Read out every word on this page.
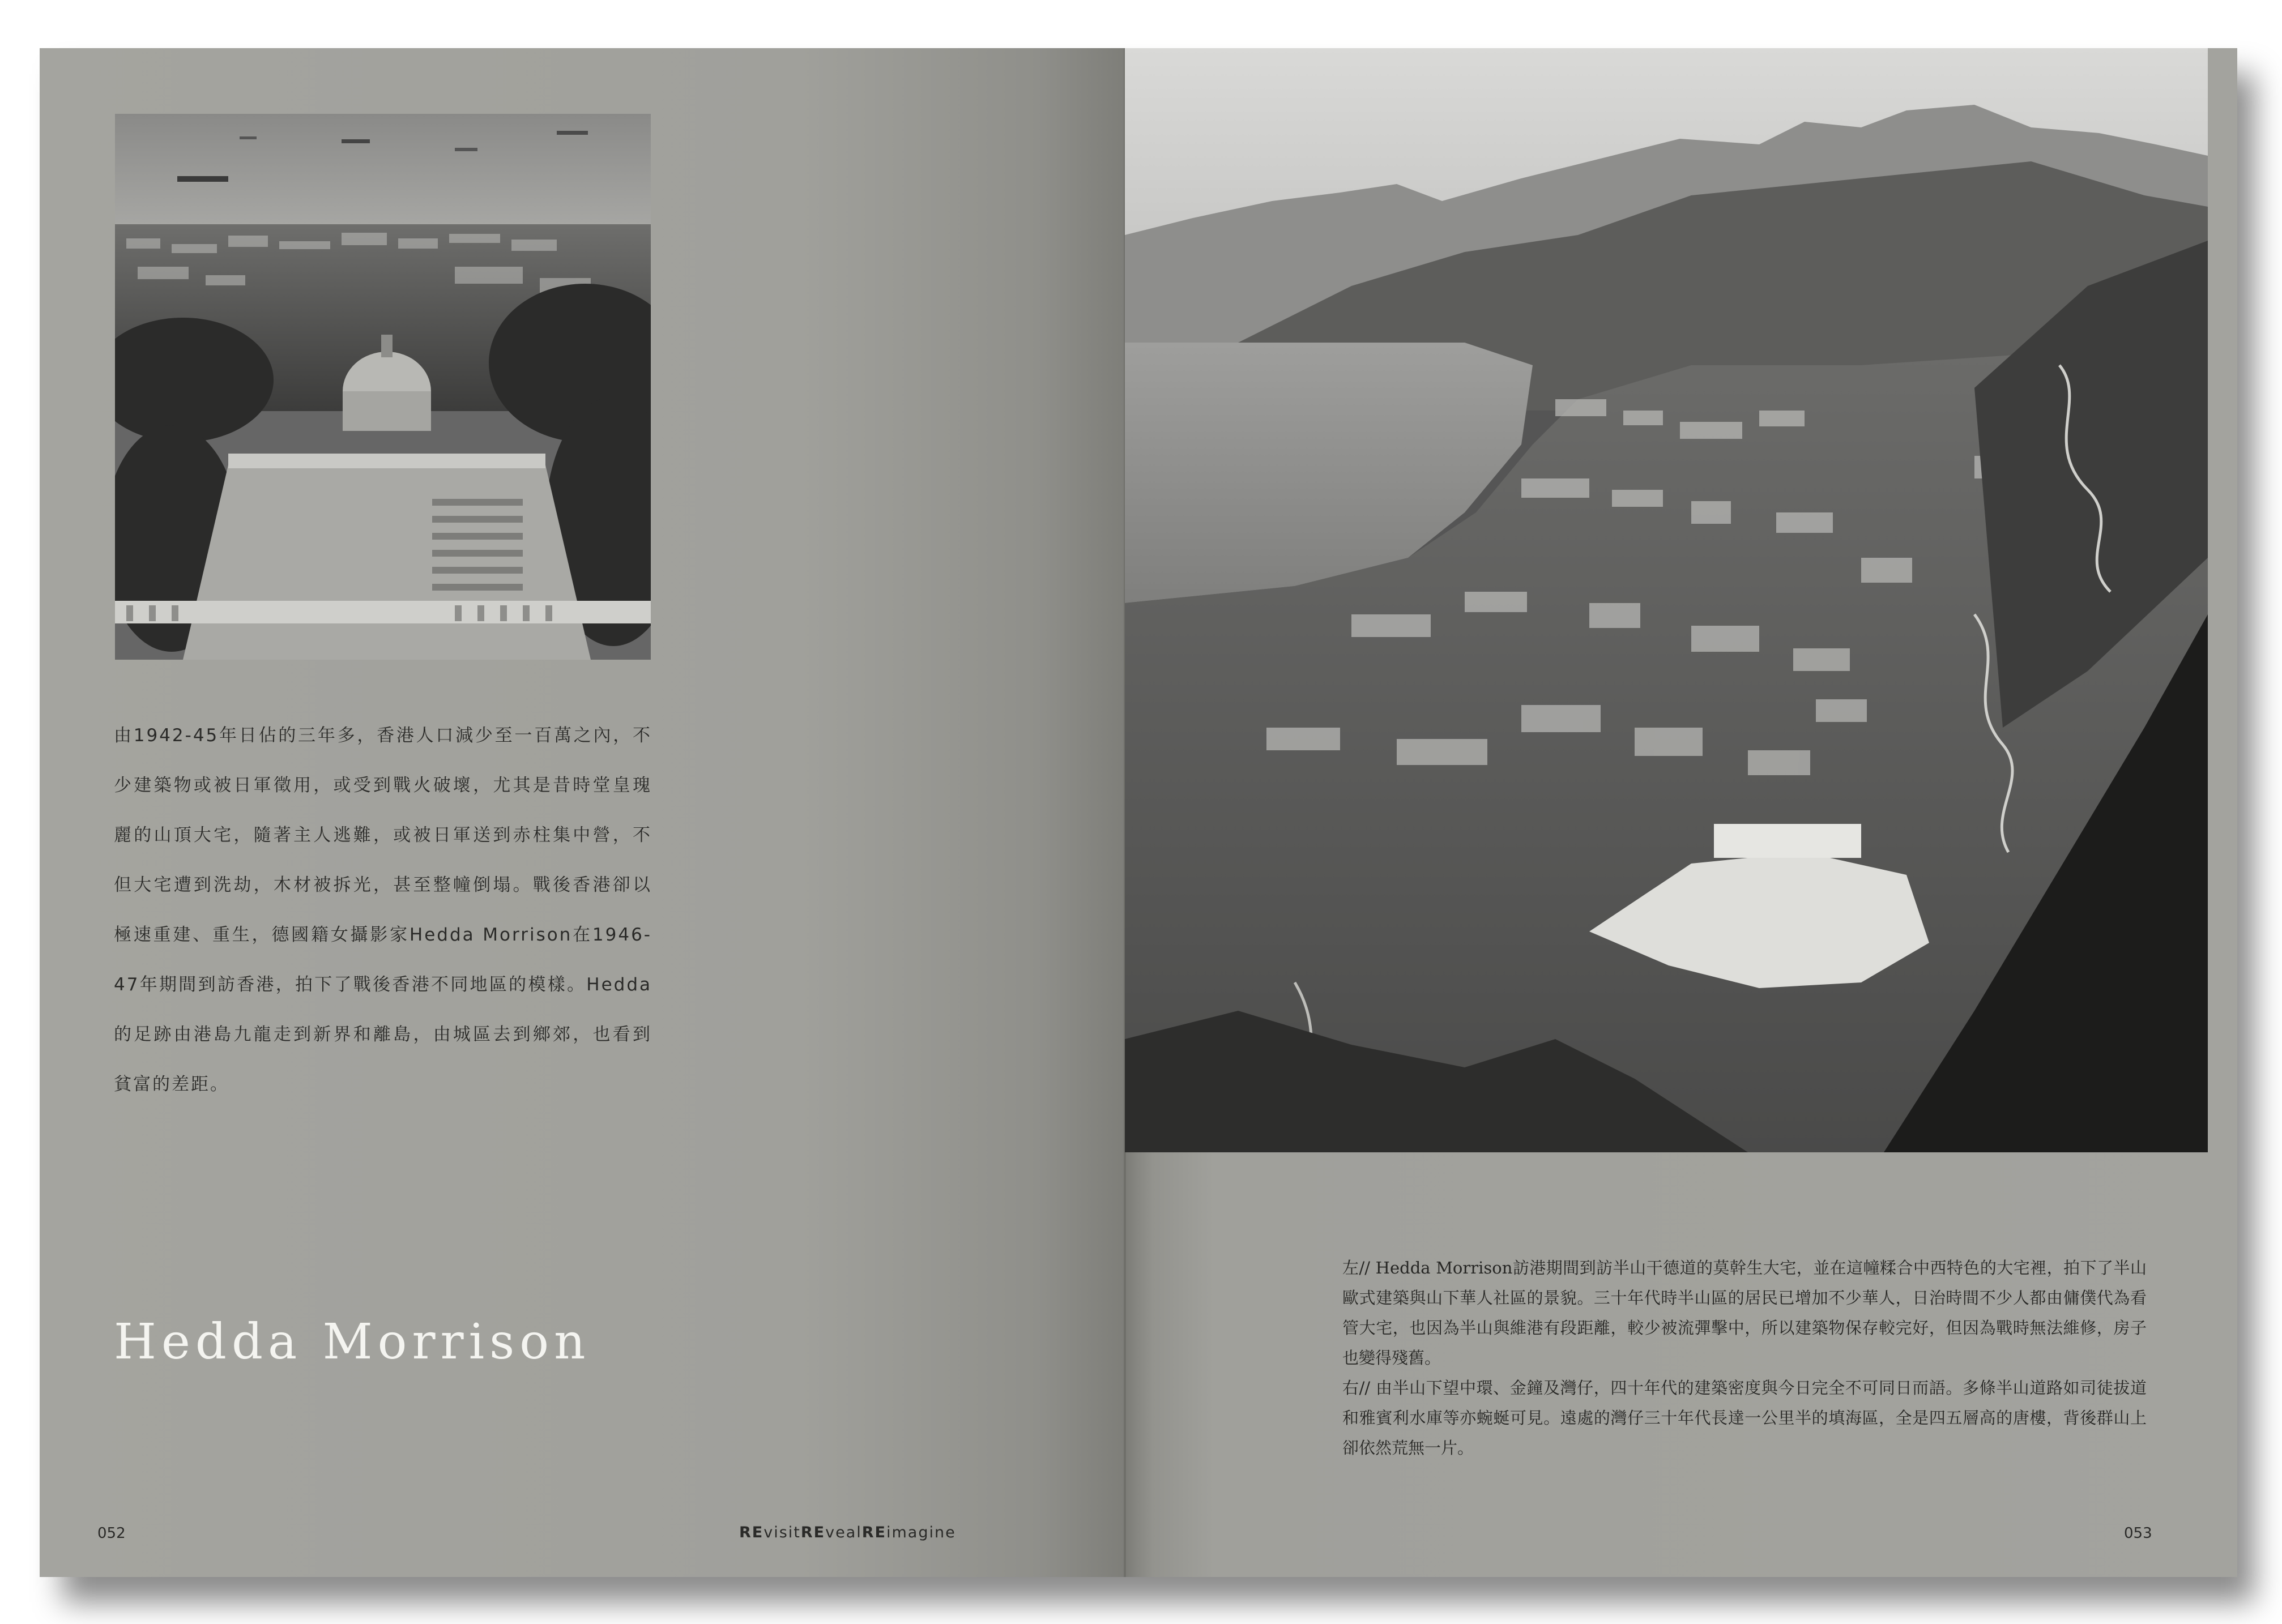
由1942-45年日佔的三年多，香港人口減少至一百萬之內，不少建築物或被日軍徵用，或受到戰火破壞，尤其是昔時堂皇瑰麗的山頂大宅，隨著主人逃難，或被日軍送到赤柱集中營，不但大宅遭到洗劫，木材被拆光，甚至整幢倒塌。戰後香港卻以極速重建、重生，德國籍女攝影家Hedda Morrison在1946-47年期間到訪香港，拍下了戰後香港不同地區的模樣。Hedda的足跡由港島九龍走到新界和離島，由城區去到鄉郊，也看到貧富的差距。

Hedda Morrison
052	REvisitREvealREimagine

左// Hedda Morrison訪港期間到訪半山干德道的莫幹生大宅，並在這幢糅合中西特色的大宅裡，拍下了半山歐式建築與山下華人社區的景貌。三十年代時半山區的居民已增加不少華人，日治時間不少人都由傭僕代為看管大宅，也因為半山與維港有段距離，較少被流彈擊中，所以建築物保存較完好，但因為戰時無法維修，房子也變得殘舊。

右// 由半山下望中環、金鐘及灣仔，四十年代的建築密度與今日完全不可同日而語。多條半山道路如司徒拔道和雅賓利水庫等亦蜿蜒可見。遠處的灣仔三十年代長達一公里半的填海區，全是四五層高的唐樓，背後群山上卻依然荒無一片。

053
